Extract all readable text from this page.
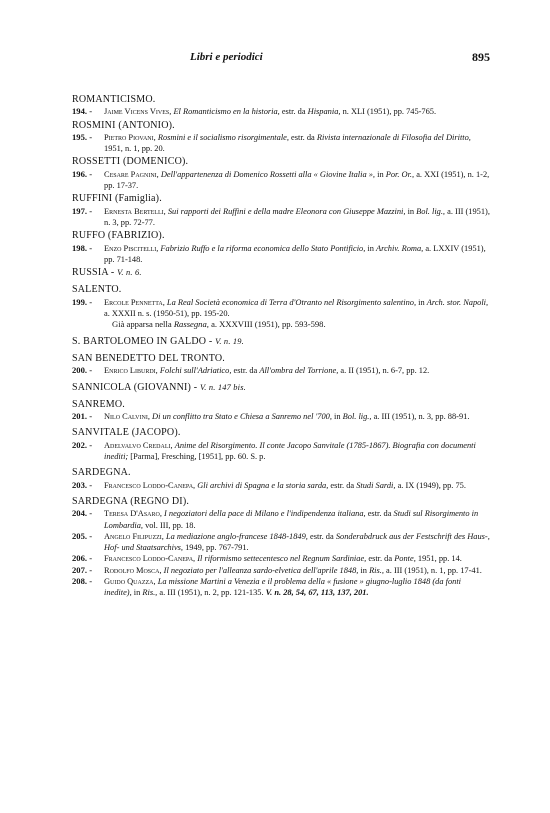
Libri e periodici	895
ROMANTICISMO.
194. - Jaime Vicens Vives, El Romanticismo en la historia, estr. da Hispania, n. XLI (1951), pp. 745-765.
ROSMINI (ANTONIO).
195. - Pietro Piovani, Rosmini e il socialismo risorgimentale, estr. da Rivista internazionale di Filosofia del Diritto, 1951, n. 1, pp. 20.
ROSSETTI (DOMENICO).
196. - Cesare Pagnini, Dell'appartenenza di Domenico Rossetti alla « Giovine Italia », in Por. Or., a. XXI (1951), n. 1-2, pp. 17-37.
RUFFINI (Famiglia).
197. - Ernesta Bertelli, Sui rapporti dei Ruffini e della madre Eleonora con Giuseppe Mazzini, in Bol. lig., a. III (1951), n. 3, pp. 72-77.
RUFFO (FABRIZIO).
198. - Enzo Piscitelli, Fabrizio Ruffo e la riforma economica dello Stato Pontificio, in Archiv. Roma, a. LXXIV (1951), pp. 71-148.
RUSSIA - V. n. 6.
SALENTO.
199. - Ercole Pennetta, La Real Società economica di Terra d'Otranto nel Risorgimento salentino, in Arch. stor. Napoli, a. XXXII n. s. (1950-51), pp. 195-20.
Già apparsa nella Rassegna, a. XXXVIII (1951), pp. 593-598.
S. BARTOLOMEO IN GALDO - V. n. 19.
SAN BENEDETTO DEL TRONTO.
200. - Enrico Liburdi, Folchi sull'Adriatico, estr. da All'ombra del Torrione, a. II (1951), n. 6-7, pp. 12.
SANNICOLA (GIOVANNI) - V. n. 147 bis.
SANREMO.
201. - Nilo Calvini, Di un conflitto tra Stato e Chiesa a Sanremo nel '700, in Bol. lig., a. III (1951), n. 3, pp. 88-91.
SANVITALE (JACOPO).
202. - Adelvalvo Credali, Anime del Risorgimento. Il conte Jacopo Sanvitale (1785-1867). Biografia con documenti inediti; [Parma], Fresching, [1951], pp. 60. S. p.
SARDEGNA.
203. - Francesco Loddo-Canepa, Gli archivi di Spagna e la storia sarda, estr. da Studi Sardi, a. IX (1949), pp. 75.
SARDEGNA (REGNO DI).
204. - Teresa D'Asaro, I negoziatori della pace di Milano e l'indipendenza italiana, estr. da Studi sul Risorgimento in Lombardia, vol. III, pp. 18.
205. - Angelo Filipuzzi, La mediazione anglo-francese 1848-1849, estr. da Sonderabdruck aus der Festschrift des Haus-, Hof- und Staatsarchivs, 1949, pp. 767-791.
206. - Francesco Loddo-Canepa, Il riformismo settecentesco nel Regnum Sardiniae, estr. da Ponte, 1951, pp. 14.
207. - Rodolfo Mosca, Il negoziato per l'alleanza sardo-elvetica dell'aprile 1848, in Ris., a. III (1951), n. 1, pp. 17-41.
208. - Guido Quazza, La missione Martini a Venezia e il problema della « fusione » giugno-luglio 1848 (da fonti inedite), in Ris., a. III (1951), n. 2, pp. 121-135. V. n. 28, 54, 67, 113, 137, 201.
